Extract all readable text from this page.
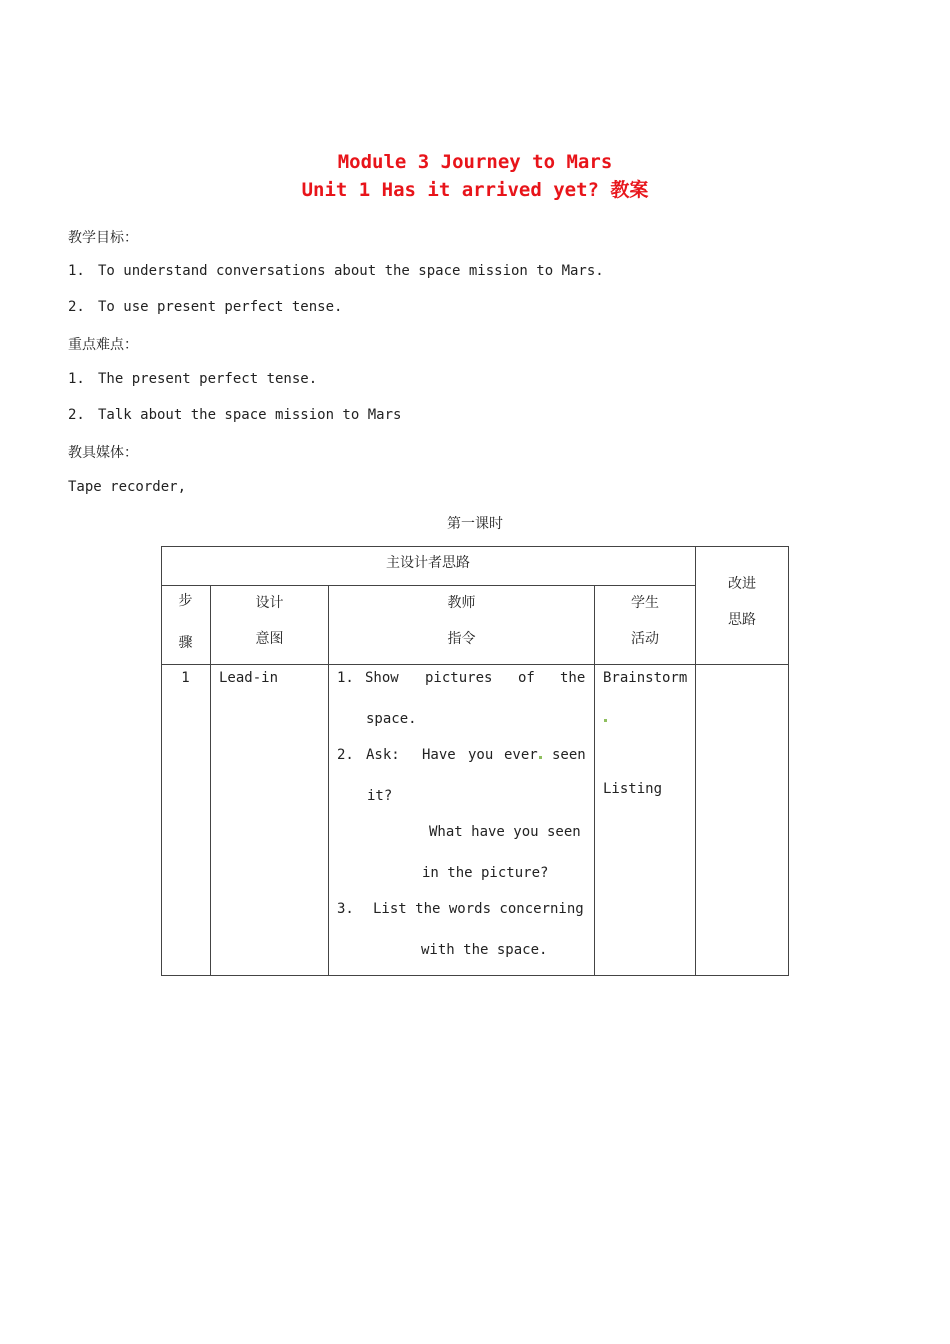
Module 3 Journey to Mars
Unit 1 Has it arrived yet? 教案
教学目标：
1. To understand conversations about the space mission to Mars.
2. To use present perfect tense.
重点难点：
1. The present perfect tense.
2. Talk about the space mission to Mars
教具媒体：
Tape recorder,
第一课时
主设计者思路
改进
思路
步
骤
设计
意图
教师
指令
学生
活动
1	Lead-in	1. Show pictures of the
space.
2. Ask: Have you ever seen
it?
What have you seen
in the picture?
3. List the words concerning
with the space.
Brainstorm
Listing
